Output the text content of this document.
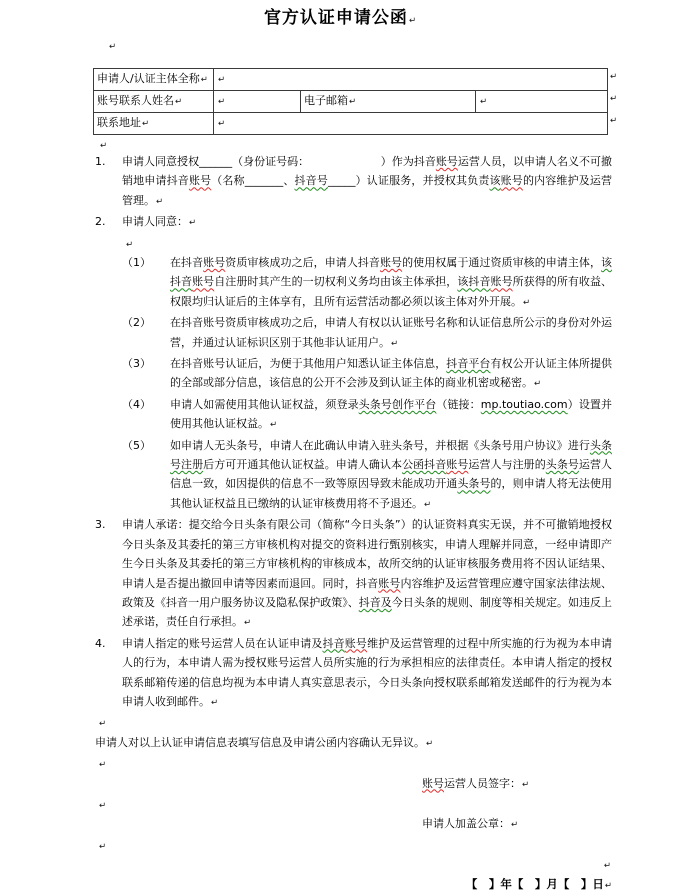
官方认证申请公函↵
↵
申请人/认证主体全称↵	↵		
账号联系人姓名↵	↵	电子邮箱↵	↵
联系地址↵	↵		
↵
↵
↵
↵
1.	申请人同意授权______（身份证号码：　　　　　　　	）作为抖音账号运营人员，以申请人名义不可撤销地申请抖音账号（名称_______、抖音号_____）认证服务，并授权其负责该账号的内容维护及运营管理。↵
2.	申请人同意：↵
↵
（1）	在抖音账号资质审核成功之后，申请人抖音账号的使用权属于通过资质审核的申请主体，该抖音账号自注册时其产生的一切权利义务均由该主体承担，该抖音账号所获得的所有收益、权限均归认证后的主体享有，且所有运营活动都必须以该主体对外开展。↵
（2）	在抖音账号资质审核成功之后，申请人有权以认证账号名称和认证信息所公示的身份对外运营，并通过认证标识区别于其他非认证用户。↵
（3）	在抖音账号认证后，为便于其他用户知悉认证主体信息，抖音平台有权公开认证主体所提供的全部或部分信息，该信息的公开不会涉及到认证主体的商业机密或秘密。↵
（4）	申请人如需使用其他认证权益，须登录头条号创作平台（链接：mp.toutiao.com）设置并使用其他认证权益。↵
（5）	如申请人无头条号，申请人在此确认申请入驻头条号，并根据《头条号用户协议》进行头条号注册后方可开通其他认证权益。申请人确认本公函抖音账号运营人与注册的头条号运营人信息一致，如因提供的信息不一致等原因导致未能成功开通头条号的，则申请人将无法使用其他认证权益且已缴纳的认证审核费用将不予退还。↵
3.	申请人承诺：提交给今日头条有限公司（简称“今日头条”）的认证资料真实无误，并不可撤销地授权今日头条及其委托的第三方审核机构对提交的资料进行甄别核实，申请人理解并同意，一经申请即产生今日头条及其委托的第三方审核机构的审核成本，故所交纳的认证审核服务费用将不因认证结果、申请人是否提出撤回申请等因素而退回。同时，抖音账号内容维护及运营管理应遵守国家法律法规、政策及《抖音一用户服务协议及隐私保护政策》、抖音及今日头条的规则、制度等相关规定。如违反上述承诺，责任自行承担。↵
4.	申请人指定的账号运营人员在认证申请及抖音账号维护及运营管理的过程中所实施的行为视为本申请人的行为，本申请人需为授权账号运营人员所实施的行为承担相应的法律责任。本申请人指定的授权联系邮箱传递的信息均视为本申请人真实意思表示，今日头条向授权联系邮箱发送邮件的行为视为本申请人收到邮件。↵
↵
申请人对以上认证申请信息表填写信息及申请公函内容确认无异议。↵
↵
账号运营人员签字：↵
↵
申请人加盖公章：↵
↵
↵
【　】年【　】月【　】日↵
